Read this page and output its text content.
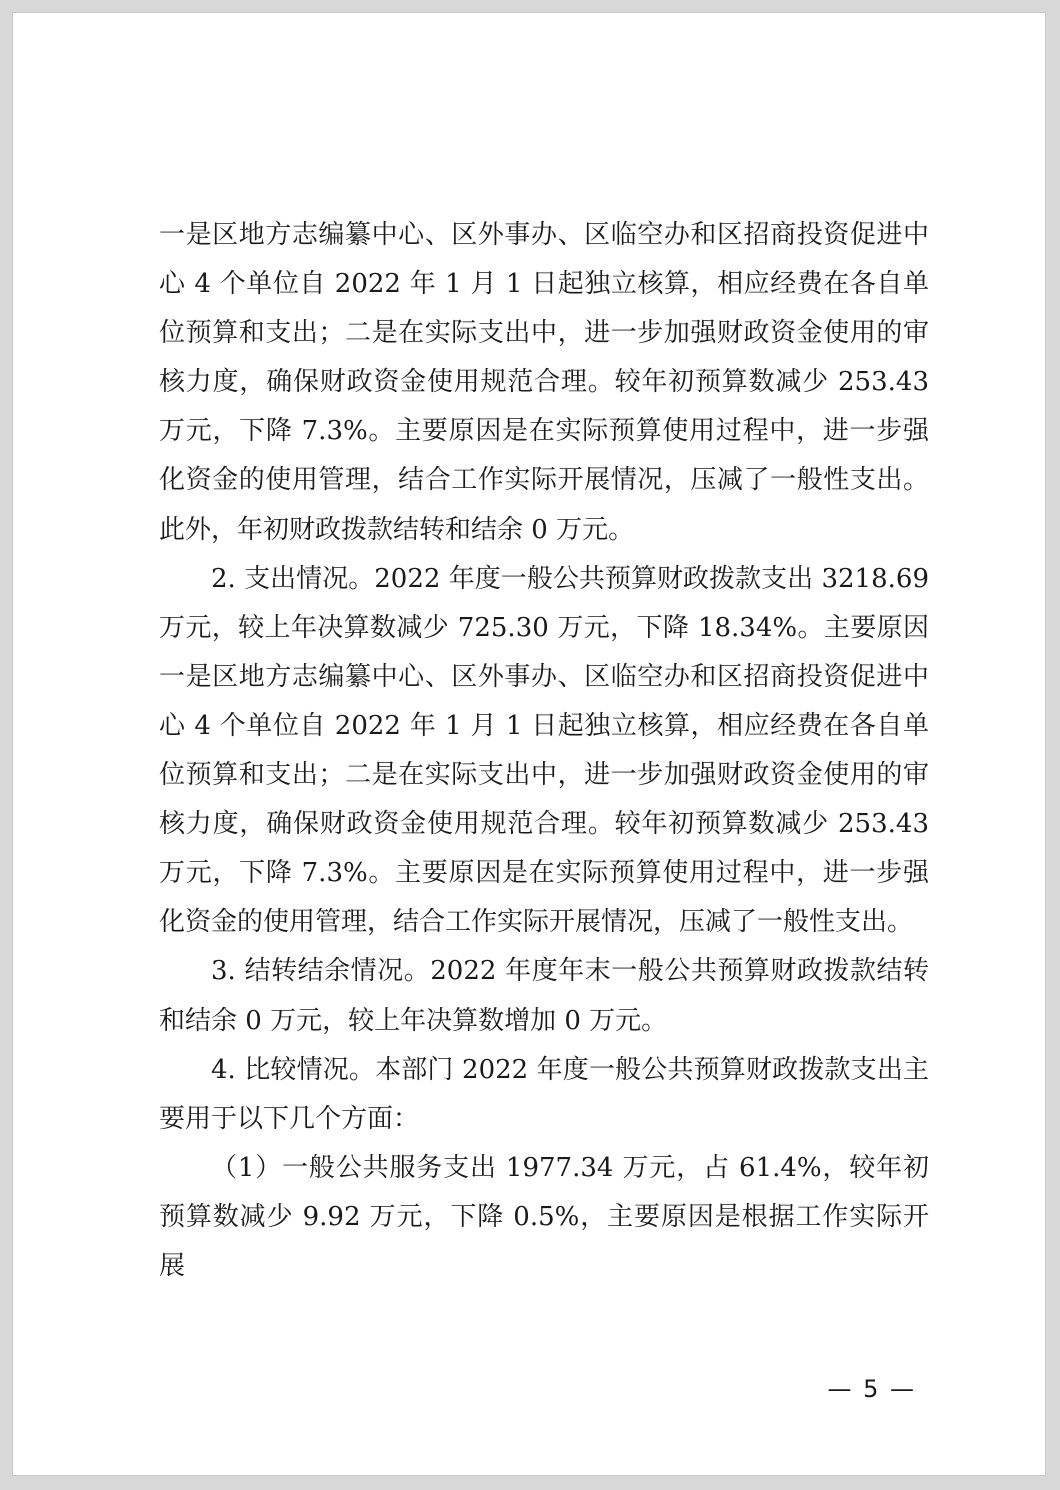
一是区地方志编纂中心、区外事办、区临空办和区招商投资促进中心 4 个单位自 2022 年 1 月 1 日起独立核算，相应经费在各自单位预算和支出；二是在实际支出中，进一步加强财政资金使用的审核力度，确保财政资金使用规范合理。较年初预算数减少 253.43 万元，下降 7.3%。主要原因是在实际预算使用过程中，进一步强化资金的使用管理，结合工作实际开展情况，压减了一般性支出。此外，年初财政拨款结转和结余 0 万元。

2. 支出情况。2022 年度一般公共预算财政拨款支出 3218.69 万元，较上年决算数减少 725.30 万元，下降 18.34%。主要原因一是区地方志编纂中心、区外事办、区临空办和区招商投资促进中心 4 个单位自 2022 年 1 月 1 日起独立核算，相应经费在各自单位预算和支出；二是在实际支出中，进一步加强财政资金使用的审核力度，确保财政资金使用规范合理。较年初预算数减少 253.43 万元，下降 7.3%。主要原因是在实际预算使用过程中，进一步强化资金的使用管理，结合工作实际开展情况，压减了一般性支出。

3. 结转结余情况。2022 年度年末一般公共预算财政拨款结转和结余 0 万元，较上年决算数增加 0 万元。

4. 比较情况。本部门 2022 年度一般公共预算财政拨款支出主要用于以下几个方面：

（1）一般公共服务支出 1977.34 万元，占 61.4%，较年初预算数减少 9.92 万元，下降 0.5%，主要原因是根据工作实际开展

— 5 —
